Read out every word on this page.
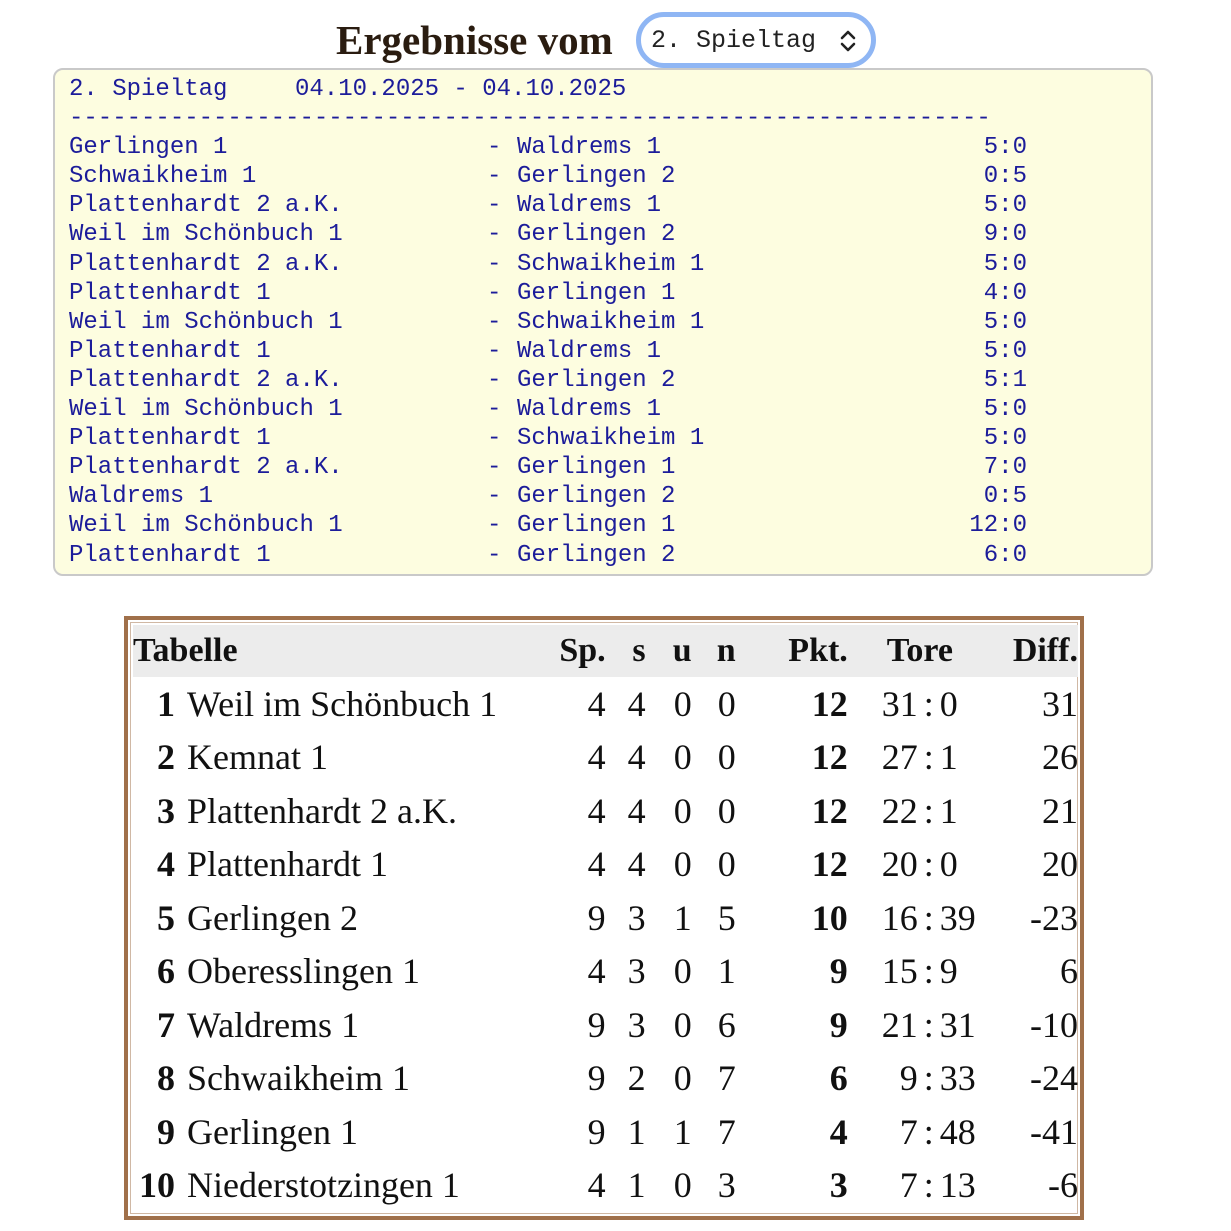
Ergebnisse vom 2. Spieltag
2. Spieltag	04.10.2025 - 04.10.2025
----------------------------------------------------------------
Gerlingen 1	- Waldrems 1	5:0
Schwaikheim 1	- Gerlingen 2	0:5
Plattenhardt 2 a.K.	- Waldrems 1	5:0
Weil im Schönbuch 1	- Gerlingen 2	9:0
Plattenhardt 2 a.K.	- Schwaikheim 1	5:0
Plattenhardt 1	- Gerlingen 1	4:0
Weil im Schönbuch 1	- Schwaikheim 1	5:0
Plattenhardt 1	- Waldrems 1	5:0
Plattenhardt 2 a.K.	- Gerlingen 2	5:1
Weil im Schönbuch 1	- Waldrems 1	5:0
Plattenhardt 1	- Schwaikheim 1	5:0
Plattenhardt 2 a.K.	- Gerlingen 1	7:0
Waldrems 1	- Gerlingen 2	0:5
Weil im Schönbuch 1	- Gerlingen 1	12:0
Plattenhardt 1	- Gerlingen 2	6:0
Tabelle		Sp.	s	u	n	Pkt.	Tore	Diff.
1	Weil im Schönbuch 1	4	4	0	0	12	31 : 0	31
2	Kemnat 1	4	4	0	0	12	27 : 1	26
3	Plattenhardt 2 a.K.	4	4	0	0	12	22 : 1	21
4	Plattenhardt 1	4	4	0	0	12	20 : 0	20
5	Gerlingen 2	9	3	1	5	10	16 : 39	-23
6	Oberesslingen 1	4	3	0	1	9	15 : 9	6
7	Waldrems 1	9	3	0	6	9	21 : 31	-10
8	Schwaikheim 1	9	2	0	7	6	9 : 33	-24
9	Gerlingen 1	9	1	1	7	4	7 : 48	-41
10	Niederstotzingen 1	4	1	0	3	3	7 : 13	-6
